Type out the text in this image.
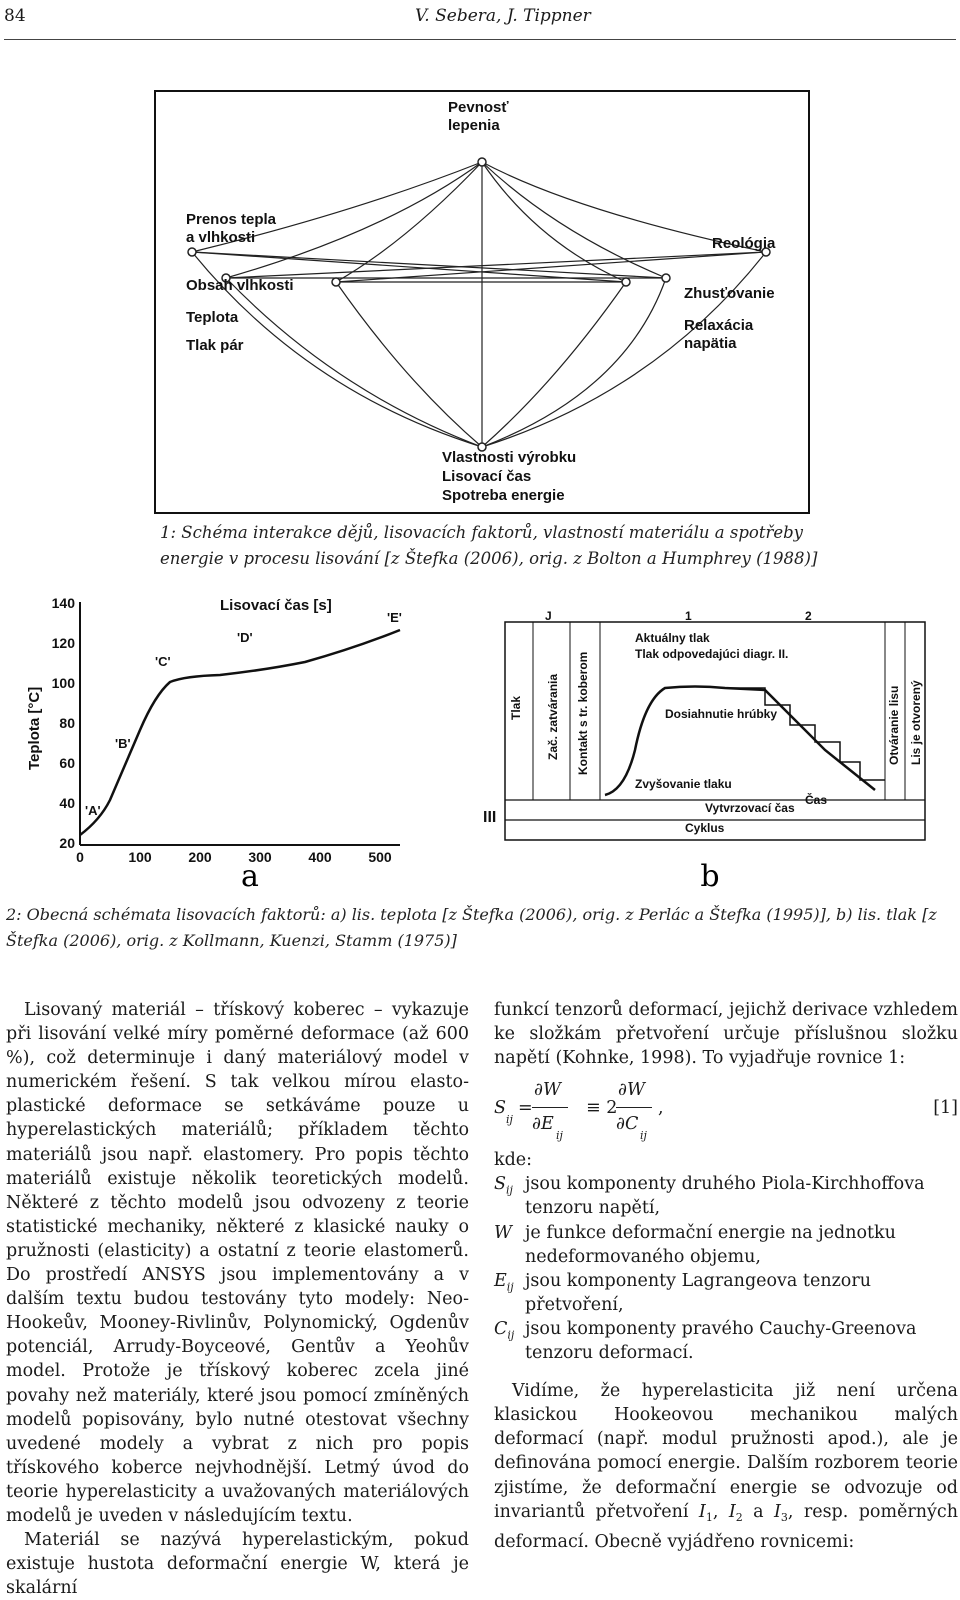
84	V. Sebera, J. Tippner
Pevnosť
lepenia
Prenos tepla
a vlhkosti
Obsah vlhkosti
Teplota
Tlak pár
Reológia
Zhusťovanie
Relaxácia
napätia
Vlastnosti výrobku
Lisovací čas
Spotreba energie
1: Schéma interakce dějů, lisovacích faktorů, vlastností materiálu a spotřeby energie v procesu lisování [z Štefka (2006), orig. z Bolton a Humphrey (1988)]
20
40
60
80
100
120
140
0	100	200	300	400	500
Lisovací čas [s]
Teplota [°C]
'A'
'B'
'C'
'D'
'E'
a
J	1	2
Aktuálny tlak
Tlak odpovedajúci diagr. II.
Tlak Zač. zatvárania Kontakt s tr. koberom	Otváranie lisu Lis je otvorený
Dosiahnutie hrúbky
Zvyšovanie tlaku
Vytvrzovací čas
Čas
Cyklus
III
b
2: Obecná schémata lisovacích faktorů: a) lis. teplota [z Štefka (2006), orig. z Perlác a Štefka (1995)], b) lis. tlak [z Štefka (2006), orig. z Kollmann, Kuenzi, Stamm (1975)]

Lisovaný materiál – třískový koberec – vykazuje při lisování velké míry poměrné deformace (až 600 %), což determinuje i daný materiálový model v numerickém řešení. S tak velkou mírou elasto-plastické deformace se setkáváme pouze u hyperelastických materiálů; příkladem těchto materiálů jsou např. elastomery. Pro popis těchto materiálů existuje několik teoretických modelů. Některé z těchto modelů jsou odvozeny z teorie statistické mechaniky, některé z klasické nauky o pružnosti (elasticity) a ostatní z teorie elastomerů. Do prostředí ANSYS jsou implementovány a v dalším textu budou testovány tyto modely: Neo-Hookeův, Mooney-Rivlinův, Polynomický, Ogdenův potenciál, Arrudy-Boyceové, Gentův a Yeohův model. Protože je třískový koberec zcela jiné povahy než materiály, které jsou pomocí zmíněných modelů popisovány, bylo nutné otestovat všechny uvedené modely a vybrat z nich pro popis třískového koberce nejvhodnější. Letmý úvod do teorie hyperelasticity a uvažovaných materiálových modelů je uveden v následujícím textu.

Materiál se nazývá hyperelastickým, pokud existuje hustota deformační energie W, která je skalární

funkcí tenzorů deformací, jejichž derivace vzhledem ke složkám přetvoření určuje příslušnou složku napětí (Kohnke, 1998). To vyjadřuje rovnice 1:

S
ij
=
∂W
∂E
ij
≡ 2
∂W
∂C
ij
,	[1]

kde:

$S_{ij}$ jsou komponenty druhého Piola-Kirchhoffova tenzoru napětí,
W je funkce deformační energie na jednotku nedeformovaného objemu,
$E_{ij}$ jsou komponenty Lagrangeova tenzoru přetvoření,
$C_{ij}$ jsou komponenty pravého Cauchy-Greenova tenzoru deformací.

Vidíme, že hyperelasticita již není určena klasickou Hookeovou mechanikou malých deformací (např. modul pružnosti apod.), ale je definována pomocí energie. Dalším rozborem teorie zjistíme, že deformační energie se odvozuje od invariantů přetvoření $I_1$, $I_2$ a $I_3$, resp. poměrných deformací. Obecně vyjádřeno rovnicemi:
